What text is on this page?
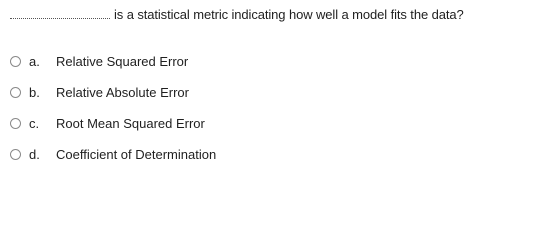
is a statistical metric indicating how well a model fits the data?
a.	Relative Squared Error
b.	Relative Absolute Error
c.	Root Mean Squared Error
d.	Coefficient of Determination
